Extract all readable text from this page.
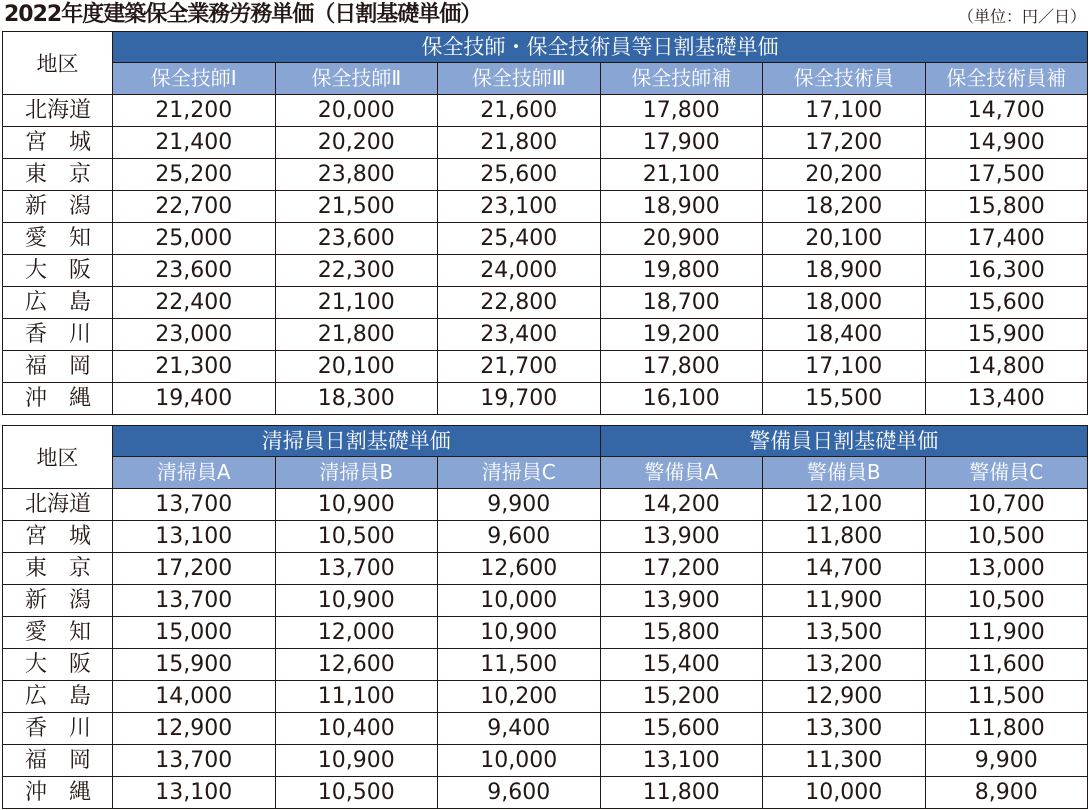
2022年度建築保全業務労務単価（日割基礎単価）	（単位：円／日）
地区	保全技師・保全技術員等日割基礎単価					
	保全技師Ⅰ	保全技師Ⅱ	保全技師Ⅲ	保全技師補	保全技術員	保全技術員補
北海道	21,200	20,000	21,600	17,800	17,100	14,700
宮　城	21,400	20,200	21,800	17,900	17,200	14,900
東　京	25,200	23,800	25,600	21,100	20,200	17,500
新　潟	22,700	21,500	23,100	18,900	18,200	15,800
愛　知	25,000	23,600	25,400	20,900	20,100	17,400
大　阪	23,600	22,300	24,000	19,800	18,900	16,300
広　島	22,400	21,100	22,800	18,700	18,000	15,600
香　川	23,000	21,800	23,400	19,200	18,400	15,900
福　岡	21,300	20,100	21,700	17,800	17,100	14,800
沖　縄	19,400	18,300	19,700	16,100	15,500	13,400
地区	清掃員日割基礎単価			警備員日割基礎単価		
	清掃員A	清掃員B	清掃員C	警備員A	警備員B	警備員C
北海道	13,700	10,900	9,900	14,200	12,100	10,700
宮　城	13,100	10,500	9,600	13,900	11,800	10,500
東　京	17,200	13,700	12,600	17,200	14,700	13,000
新　潟	13,700	10,900	10,000	13,900	11,900	10,500
愛　知	15,000	12,000	10,900	15,800	13,500	11,900
大　阪	15,900	12,600	11,500	15,400	13,200	11,600
広　島	14,000	11,100	10,200	15,200	12,900	11,500
香　川	12,900	10,400	9,400	15,600	13,300	11,800
福　岡	13,700	10,900	10,000	13,100	11,300	9,900
沖　縄	13,100	10,500	9,600	11,800	10,000	8,900
